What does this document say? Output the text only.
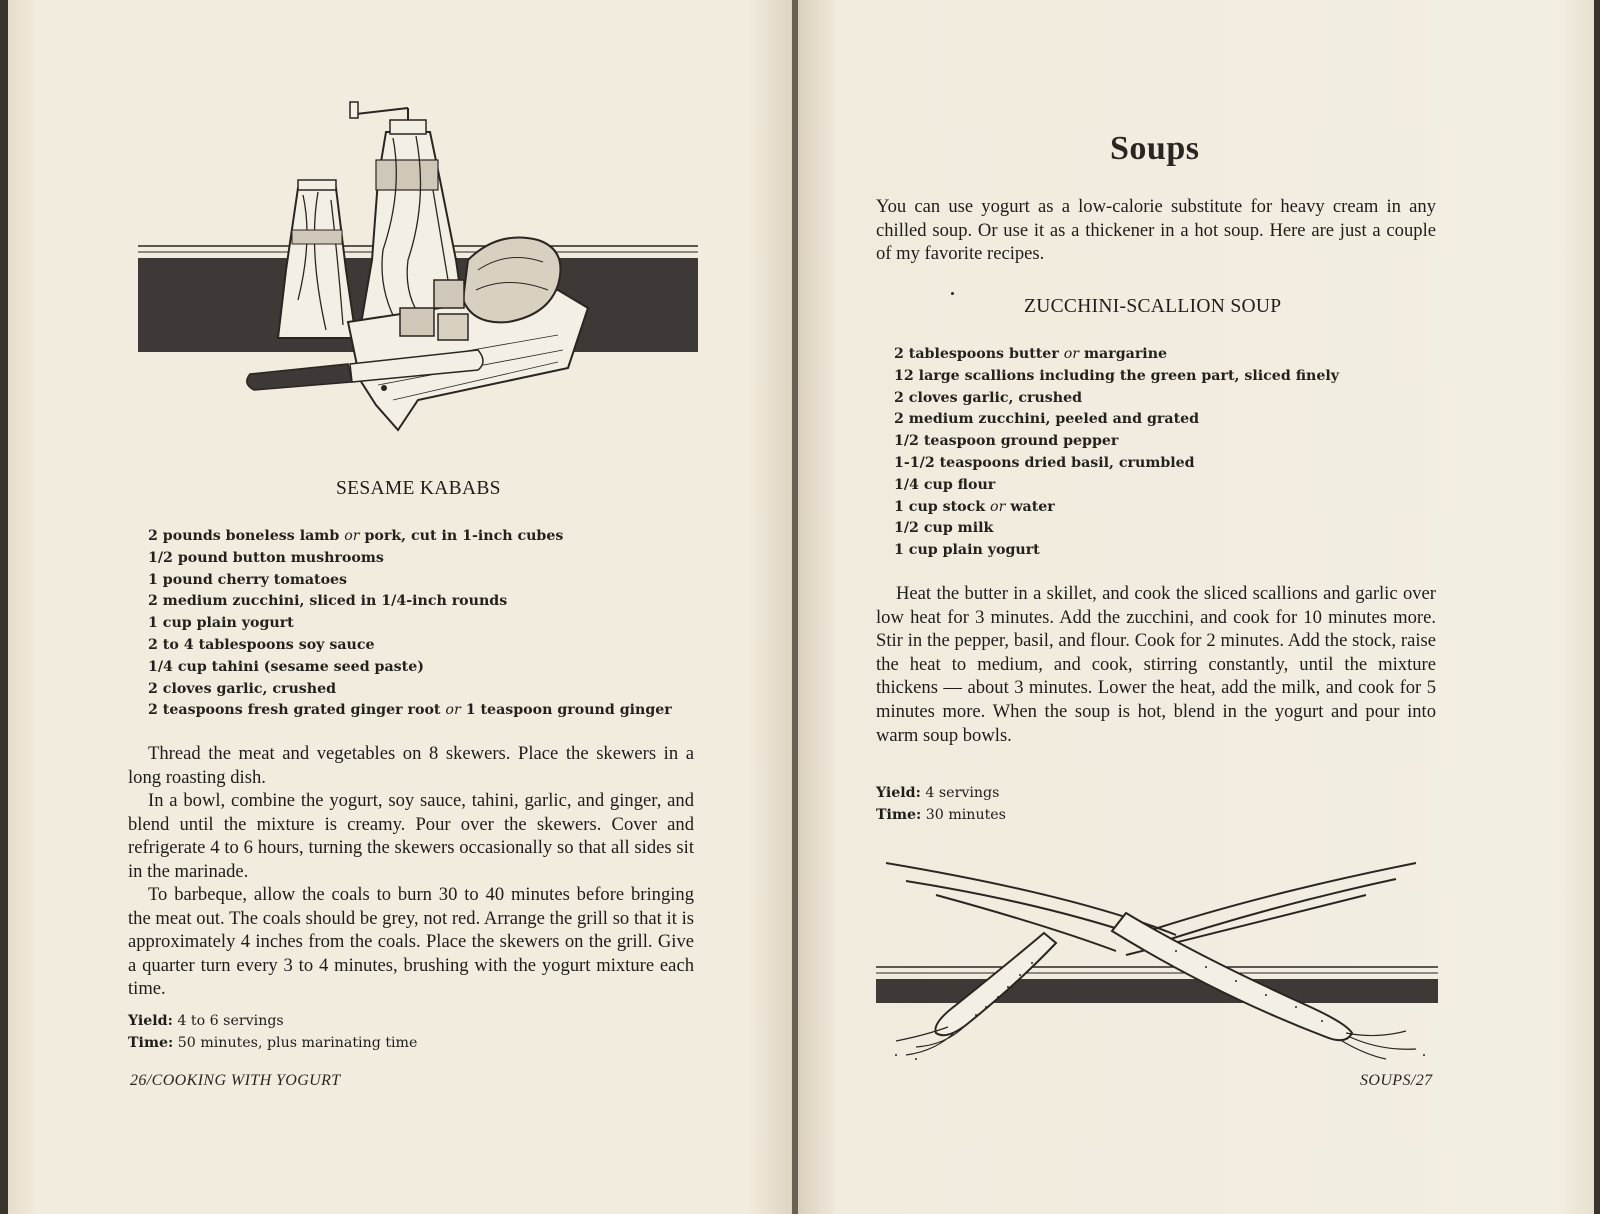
SESAME KABABS
2 pounds boneless lamb or pork, cut in 1-inch cubes
1/2 pound button mushrooms
1 pound cherry tomatoes
2 medium zucchini, sliced in 1/4-inch rounds
1 cup plain yogurt
2 to 4 tablespoons soy sauce
1/4 cup tahini (sesame seed paste)
2 cloves garlic, crushed
2 teaspoons fresh grated ginger root or 1 teaspoon ground ginger

Thread the meat and vegetables on 8 skewers. Place the skewers in a long roasting dish.

In a bowl, combine the yogurt, soy sauce, tahini, garlic, and ginger, and blend until the mixture is creamy. Pour over the skewers. Cover and refrigerate 4 to 6 hours, turning the skewers occasionally so that all sides sit in the marinade.

To barbeque, allow the coals to burn 30 to 40 minutes before bringing the meat out. The coals should be grey, not red. Arrange the grill so that it is approximately 4 inches from the coals. Place the skewers on the grill. Give a quarter turn every 3 to 4 minutes, brushing with the yogurt mixture each time.

Yield: 4 to 6 servings
Time: 50 minutes, plus marinating time
26/COOKING WITH YOGURT
Soups

You can use yogurt as a low-calorie substitute for heavy cream in any chilled soup. Or use it as a thickener in a hot soup. Here are just a couple of my favorite recipes.

ZUCCHINI-SCALLION SOUP
2 tablespoons butter or margarine
12 large scallions including the green part, sliced finely
2 cloves garlic, crushed
2 medium zucchini, peeled and grated
1/2 teaspoon ground pepper
1-1/2 teaspoons dried basil, crumbled
1/4 cup flour
1 cup stock or water
1/2 cup milk
1 cup plain yogurt

Heat the butter in a skillet, and cook the sliced scallions and garlic over low heat for 3 minutes. Add the zucchini, and cook for 10 minutes more. Stir in the pepper, basil, and flour. Cook for 2 minutes. Add the stock, raise the heat to medium, and cook, stirring constantly, until the mixture thickens — about 3 minutes. Lower the heat, add the milk, and cook for 5 minutes more. When the soup is hot, blend in the yogurt and pour into warm soup bowls.

Yield: 4 servings
Time: 30 minutes
SOUPS/27
